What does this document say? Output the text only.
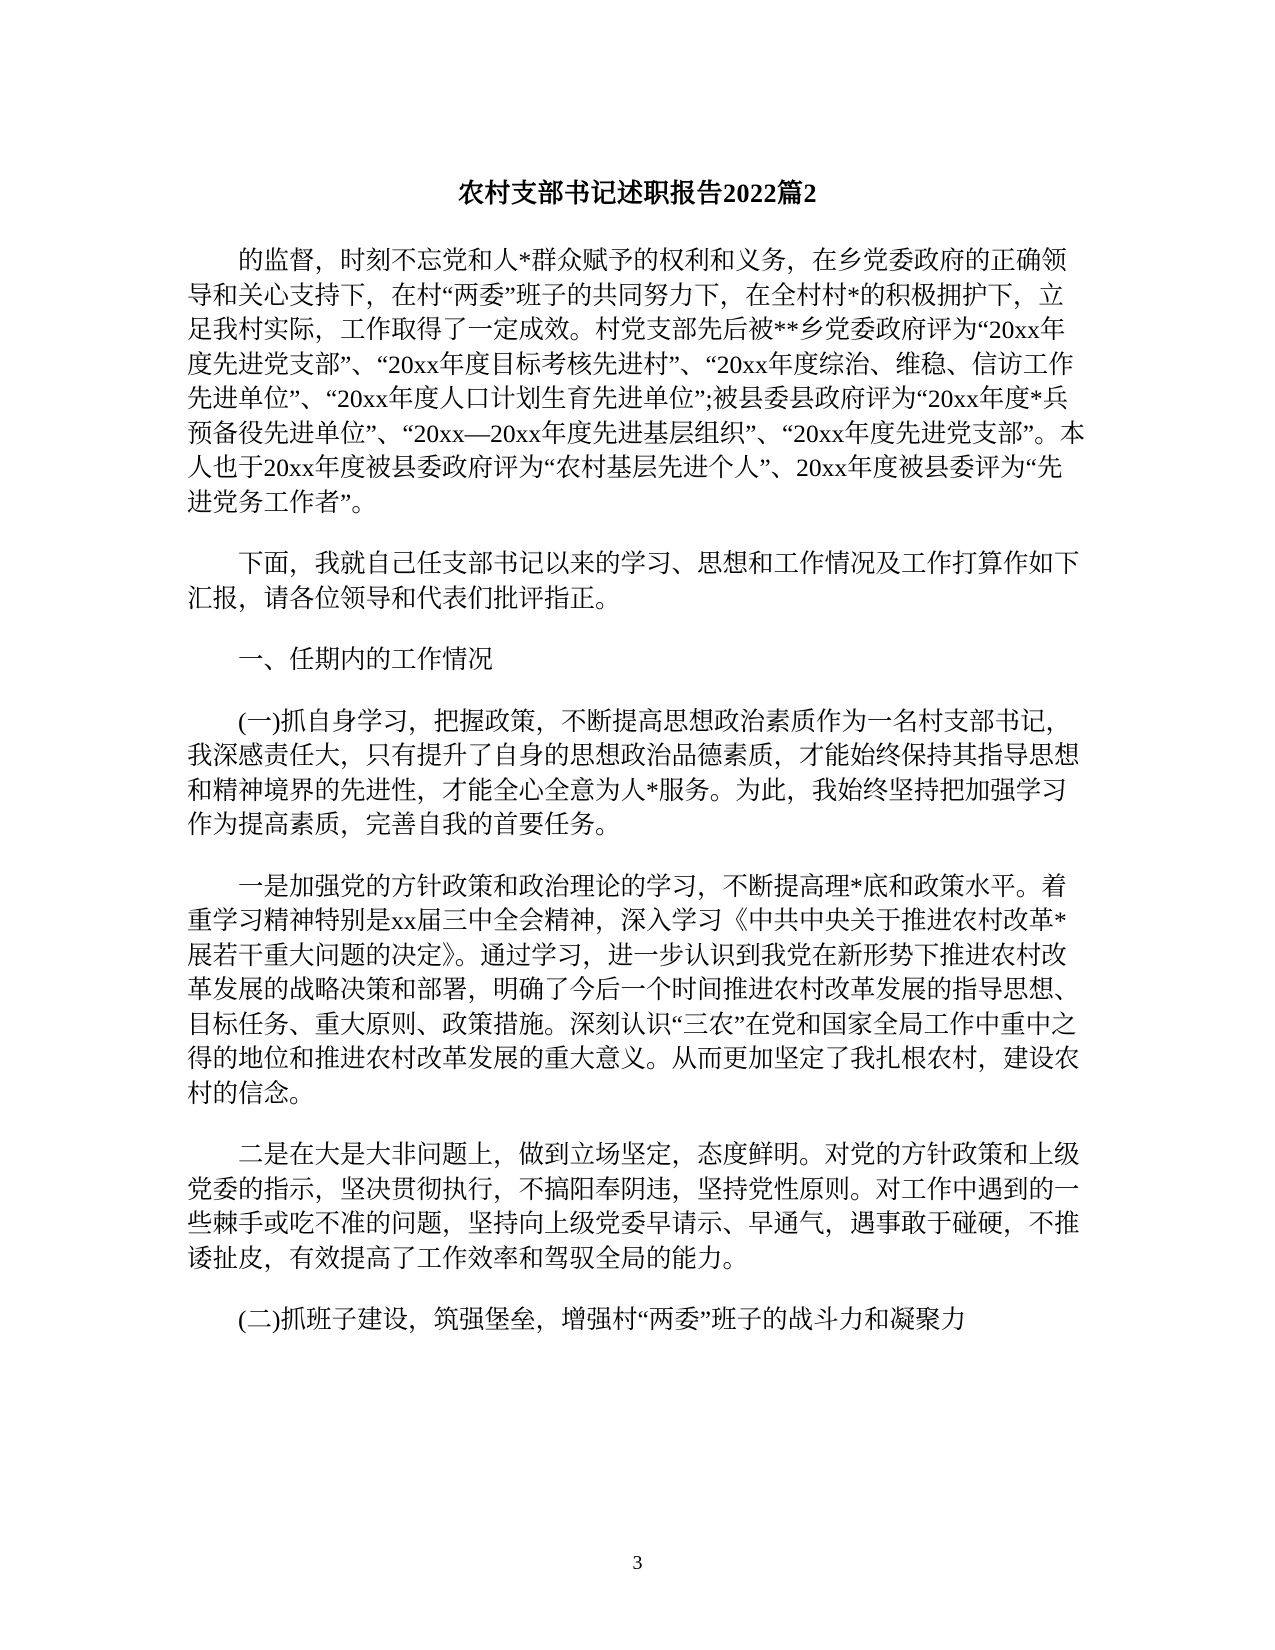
农村支部书记述职报告2022篇2

的监督，时刻不忘党和人*群众赋予的权利和义务，在乡党委政府的正确领导和关心支持下，在村“两委”班子的共同努力下，在全村村*的积极拥护下，立足我村实际，工作取得了一定成效。村党支部先后被**乡党委政府评为“20xx年度先进党支部”、“20xx年度目标考核先进村”、“20xx年度综治、维稳、信访工作先进单位”、“20xx年度人口计划生育先进单位”;被县委县政府评为“20xx年度*兵预备役先进单位”、“20xx—20xx年度先进基层组织”、“20xx年度先进党支部”。本人也于20xx年度被县委政府评为“农村基层先进个人”、20xx年度被县委评为“先进党务工作者”。

下面，我就自己任支部书记以来的学习、思想和工作情况及工作打算作如下汇报，请各位领导和代表们批评指正。

一、任期内的工作情况

(一)抓自身学习，把握政策，不断提高思想政治素质作为一名村支部书记，我深感责任大，只有提升了自身的思想政治品德素质，才能始终保持其指导思想和精神境界的先进性，才能全心全意为人*服务。为此，我始终坚持把加强学习作为提高素质，完善自我的首要任务。

一是加强党的方针政策和政治理论的学习，不断提高理*底和政策水平。着重学习精神特别是xx届三中全会精神，深入学习《中共中央关于推进农村改革*展若干重大问题的决定》。通过学习，进一步认识到我党在新形势下推进农村改革发展的战略决策和部署，明确了今后一个时间推进农村改革发展的指导思想、目标任务、重大原则、政策措施。深刻认识“三农”在党和国家全局工作中重中之得的地位和推进农村改革发展的重大意义。从而更加坚定了我扎根农村，建设农村的信念。

二是在大是大非问题上，做到立场坚定，态度鲜明。对党的方针政策和上级党委的指示，坚决贯彻执行，不搞阳奉阴违，坚持党性原则。对工作中遇到的一些棘手或吃不准的问题，坚持向上级党委早请示、早通气，遇事敢于碰硬，不推诿扯皮，有效提高了工作效率和驾驭全局的能力。

(二)抓班子建设，筑强堡垒，增强村“两委”班子的战斗力和凝聚力

3
